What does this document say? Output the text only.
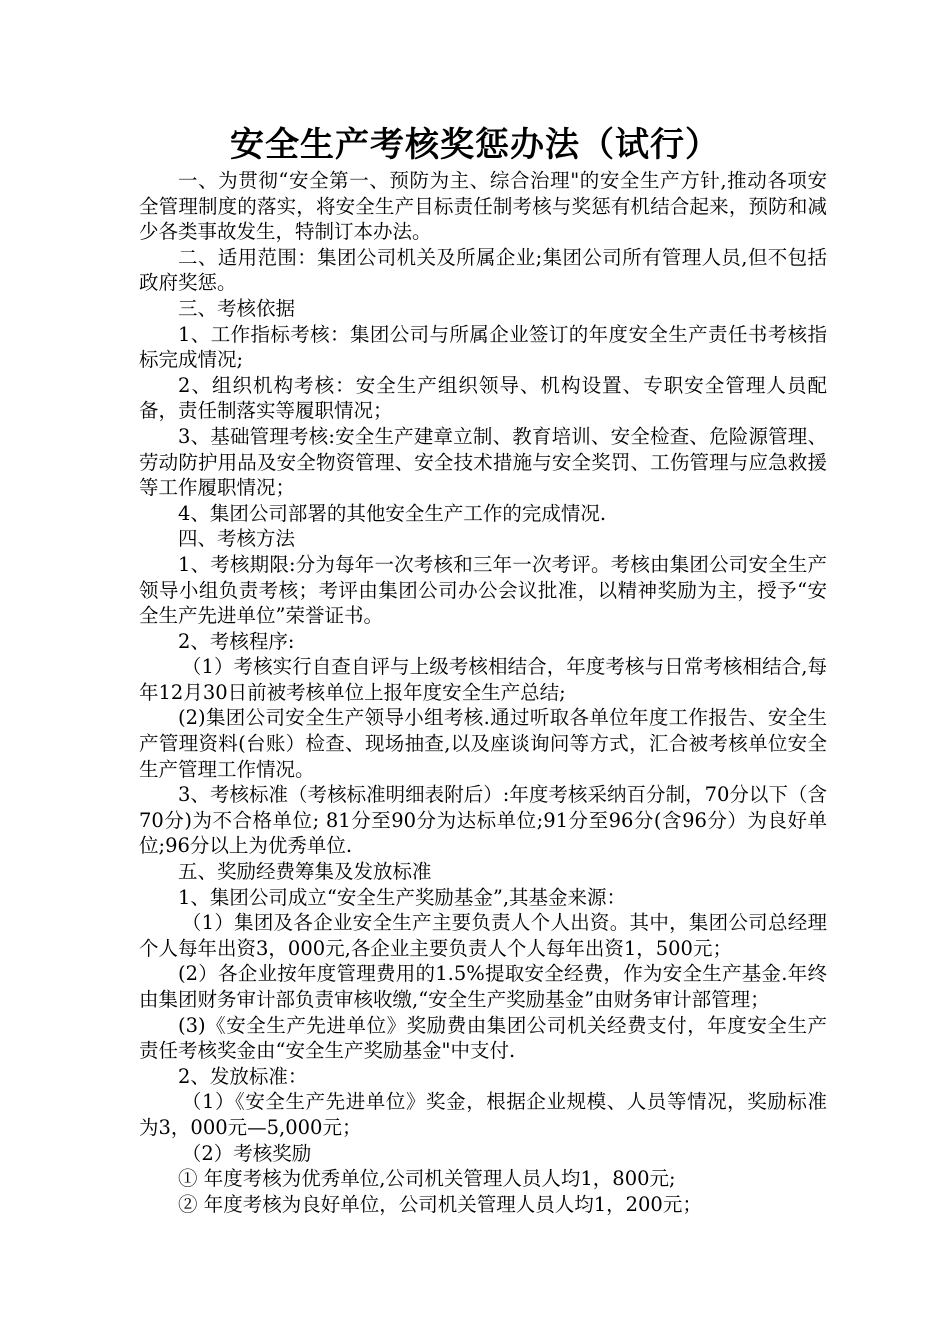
安全生产考核奖惩办法（试行）

一、为贯彻“安全第一、预防为主、综合治理"的安全生产方针,推动各项安全管理制度的落实，将安全生产目标责任制考核与奖惩有机结合起来，预防和减少各类事故发生，特制订本办法。

二、适用范围：集团公司机关及所属企业;集团公司所有管理人员,但不包括政府奖惩。

三、考核依据

1、工作指标考核：集团公司与所属企业签订的年度安全生产责任书考核指标完成情况;

2、组织机构考核：安全生产组织领导、机构设置、专职安全管理人员配备，责任制落实等履职情况；

3、基础管理考核:安全生产建章立制、教育培训、安全检查、危险源管理、劳动防护用品及安全物资管理、安全技术措施与安全奖罚、工伤管理与应急救援等工作履职情况；

4、集团公司部署的其他安全生产工作的完成情况.

四、考核方法

1、考核期限:分为每年一次考核和三年一次考评。考核由集团公司安全生产领导小组负责考核；考评由集团公司办公会议批准，以精神奖励为主，授予“安全生产先进单位”荣誉证书。

2、考核程序:

（1）考核实行自查自评与上级考核相结合，年度考核与日常考核相结合,每年12月30日前被考核单位上报年度安全生产总结;

(2)集团公司安全生产领导小组考核.通过听取各单位年度工作报告、安全生产管理资料(台账）检查、现场抽查,以及座谈询问等方式，汇合被考核单位安全生产管理工作情况。

3、考核标准（考核标准明细表附后）:年度考核采纳百分制，70分以下（含70分)为不合格单位; 81分至90分为达标单位;91分至96分(含96分）为良好单位;96分以上为优秀单位.

五、奖励经费筹集及发放标准

1、集团公司成立“安全生产奖励基金”,其基金来源：

（1）集团及各企业安全生产主要负责人个人出资。其中，集团公司总经理个人每年出资3，000元,各企业主要负责人个人每年出资1，500元；

(2）各企业按年度管理费用的1.5%提取安全经费，作为安全生产基金.年终由集团财务审计部负责审核收缴,“安全生产奖励基金”由财务审计部管理；

(3)《安全生产先进单位》奖励费由集团公司机关经费支付，年度安全生产责任考核奖金由“安全生产奖励基金"中支付.

2、发放标准：

（1）《安全生产先进单位》奖金，根据企业规模、人员等情况，奖励标准为3，000元—5,000元；

（2）考核奖励

① 年度考核为优秀单位,公司机关管理人员人均1，800元;

② 年度考核为良好单位，公司机关管理人员人均1，200元；
